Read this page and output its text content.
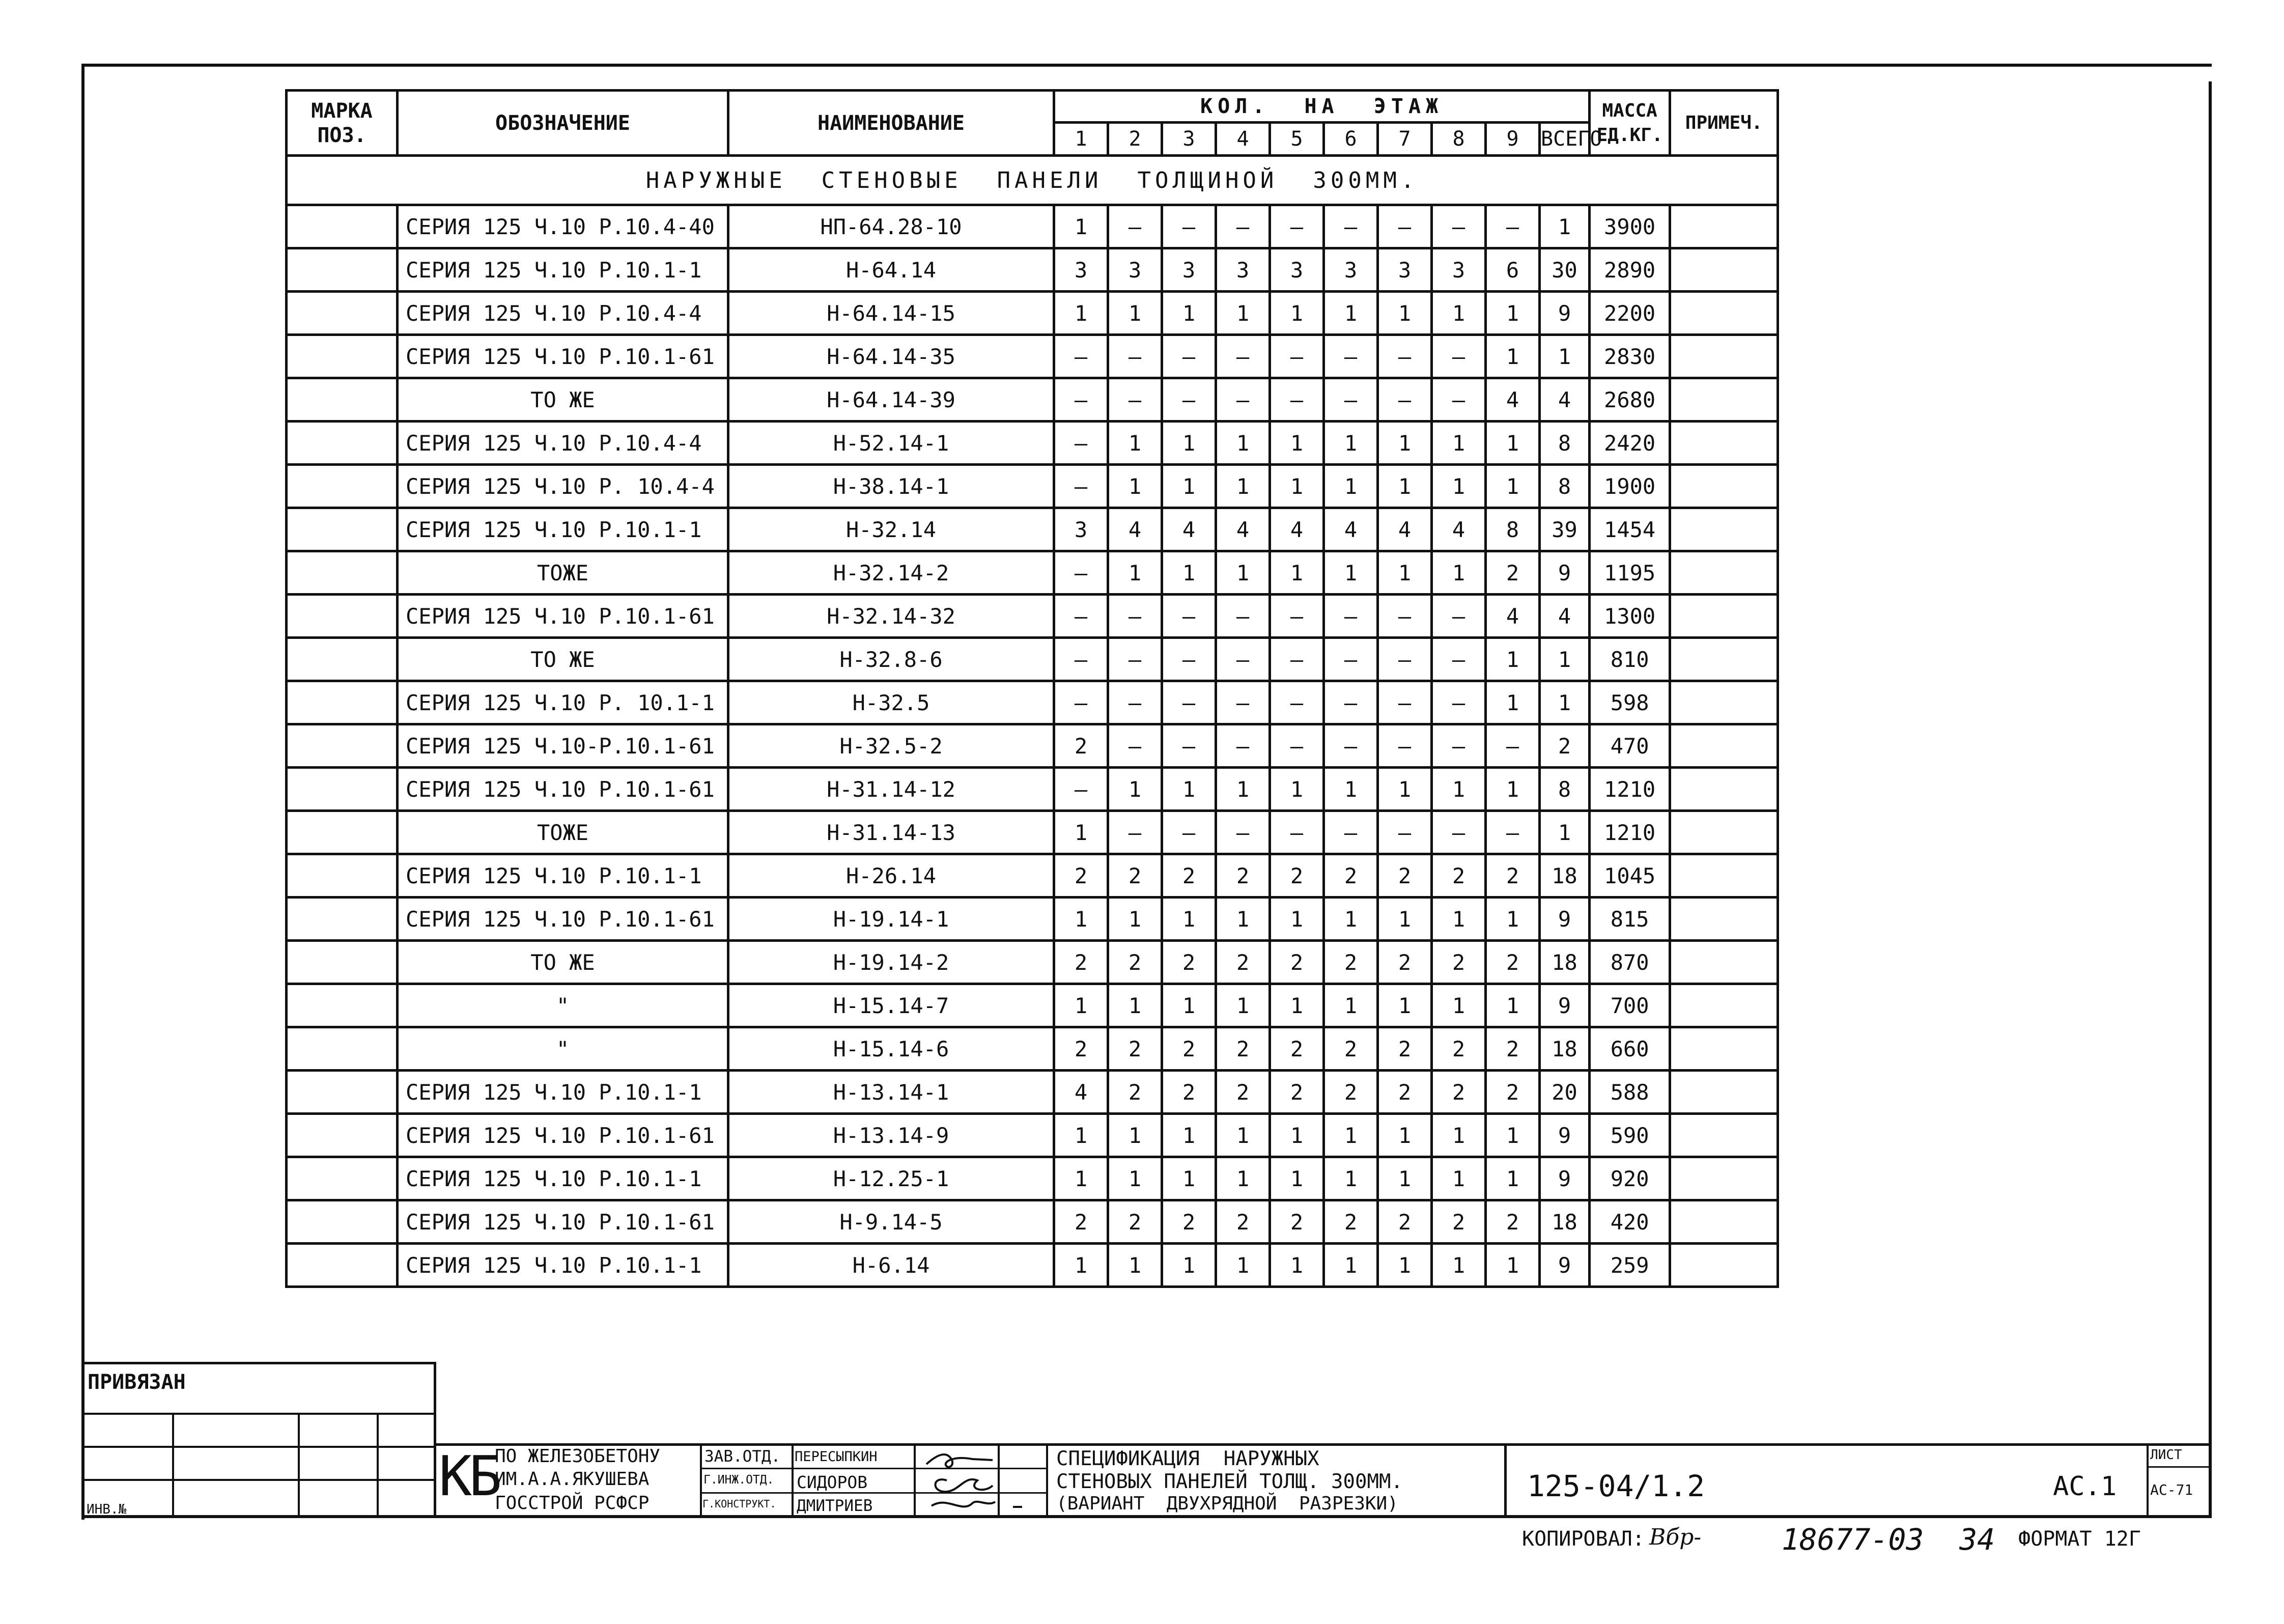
МАРКА ПОЗ.	ОБОЗНАЧЕНИЕ	НАИМЕНОВАНИЕ	КОЛ.  НА  ЭТАЖ										МАССА ЕД.КГ.	ПРИМЕЧ.
			1	2	3	4	5	6	7	8	9	ВСЕГО		
НАРУЖНЫЕ  СТЕНОВЫЕ  ПАНЕЛИ  ТОЛЩИНОЙ  300ММ.														
	СЕРИЯ 125 Ч.10 Р.10.4-40	НП-64.28-10	1	—	—	—	—	—	—	—	—	1	3900	
	СЕРИЯ 125 Ч.10 Р.10.1-1	Н-64.14	3	3	3	3	3	3	3	3	6	30	2890	
	СЕРИЯ 125 Ч.10 Р.10.4-4	Н-64.14-15	1	1	1	1	1	1	1	1	1	9	2200	
	СЕРИЯ 125 Ч.10 Р.10.1-61	Н-64.14-35	—	—	—	—	—	—	—	—	1	1	2830	
	ТО ЖЕ	Н-64.14-39	—	—	—	—	—	—	—	—	4	4	2680	
	СЕРИЯ 125 Ч.10 Р.10.4-4	Н-52.14-1	—	1	1	1	1	1	1	1	1	8	2420	
	СЕРИЯ 125 Ч.10 Р. 10.4-4	Н-38.14-1	—	1	1	1	1	1	1	1	1	8	1900	
	СЕРИЯ 125 Ч.10 Р.10.1-1	Н-32.14	3	4	4	4	4	4	4	4	8	39	1454	
	ТОЖЕ	Н-32.14-2	—	1	1	1	1	1	1	1	2	9	1195	
	СЕРИЯ 125 Ч.10 Р.10.1-61	Н-32.14-32	—	—	—	—	—	—	—	—	4	4	1300	
	ТО ЖЕ	Н-32.8-6	—	—	—	—	—	—	—	—	1	1	810	
	СЕРИЯ 125 Ч.10 Р. 10.1-1	Н-32.5	—	—	—	—	—	—	—	—	1	1	598	
	СЕРИЯ 125 Ч.10-Р.10.1-61	Н-32.5-2	2	—	—	—	—	—	—	—	—	2	470	
	СЕРИЯ 125 Ч.10 Р.10.1-61	Н-31.14-12	—	1	1	1	1	1	1	1	1	8	1210	
	ТОЖЕ	Н-31.14-13	1	—	—	—	—	—	—	—	—	1	1210	
	СЕРИЯ 125 Ч.10 Р.10.1-1	Н-26.14	2	2	2	2	2	2	2	2	2	18	1045	
	СЕРИЯ 125 Ч.10 Р.10.1-61	Н-19.14-1	1	1	1	1	1	1	1	1	1	9	815	
	ТО ЖЕ	Н-19.14-2	2	2	2	2	2	2	2	2	2	18	870	
	"	Н-15.14-7	1	1	1	1	1	1	1	1	1	9	700	
	"	Н-15.14-6	2	2	2	2	2	2	2	2	2	18	660	
	СЕРИЯ 125 Ч.10 Р.10.1-1	Н-13.14-1	4	2	2	2	2	2	2	2	2	20	588	
	СЕРИЯ 125 Ч.10 Р.10.1-61	Н-13.14-9	1	1	1	1	1	1	1	1	1	9	590	
	СЕРИЯ 125 Ч.10 Р.10.1-1	Н-12.25-1	1	1	1	1	1	1	1	1	1	9	920	
	СЕРИЯ 125 Ч.10 Р.10.1-61	Н-9.14-5	2	2	2	2	2	2	2	2	2	18	420	
	СЕРИЯ 125 Ч.10 Р.10.1-1	Н-6.14	1	1	1	1	1	1	1	1	1	9	259	
ПРИВЯЗАН
ИНВ.№
КБ
ПО ЖЕЛЕЗОБЕТОНУ
ИМ.А.А.ЯКУШЕВА
ГОССТРОЙ РСФСР
ЗАВ.ОТД.
Г.ИНЖ.ОТД.
Г.КОНСТРУКТ.
ПЕРЕСЫПКИН
СИДОРОВ
ДМИТРИЕВ
СПЕЦИФИКАЦИЯ  НАРУЖНЫХ
СТЕНОВЫХ ПАНЕЛЕЙ ТОЛЩ. 300ММ.
(ВАРИАНТ  ДВУХРЯДНОЙ  РАЗРЕЗКИ)
125-04/1.2	АС.1
ЛИСТ
АС-71
КОПИРОВАЛ: Вбр-	18677-03  34 ФОРМАТ 12Г
